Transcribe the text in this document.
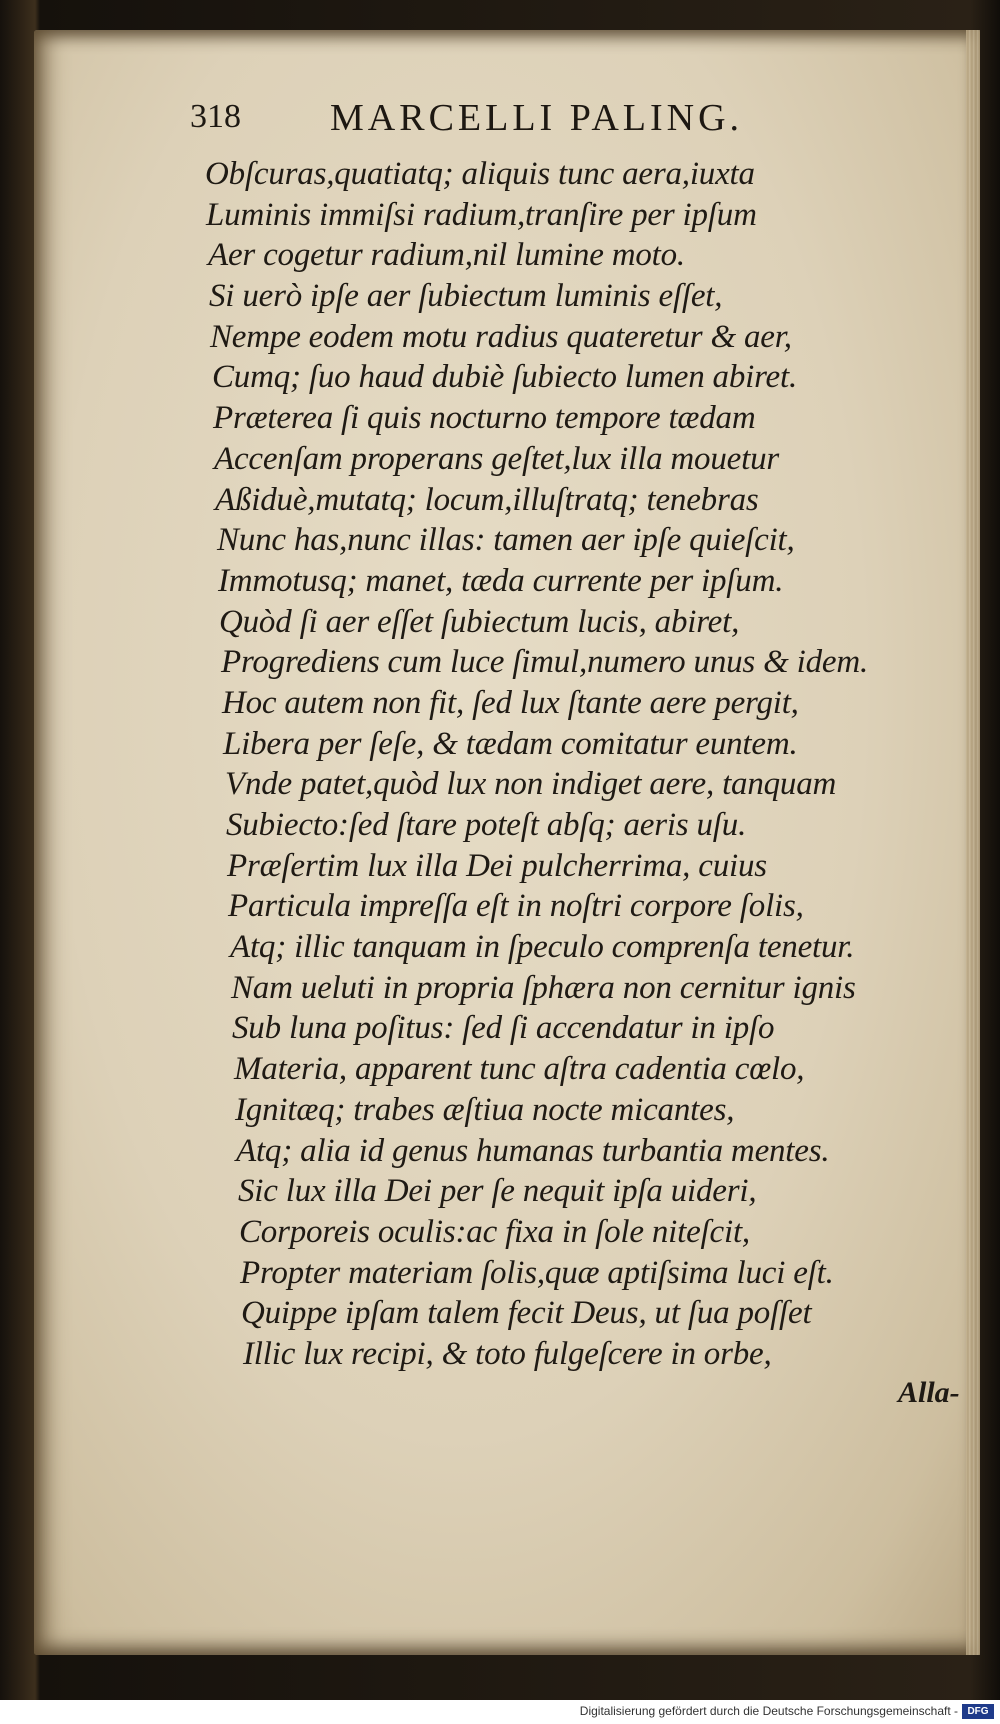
318 MARCELLI PALING.
Obſcuras,quatiatq; aliquis tunc aera,iuxta
Luminis immiſsi radium,tranſire per ipſum
Aer cogetur radium,nil lumine moto.
Si uerò ipſe aer ſubiectum luminis eſſet,
Nempe eodem motu radius quateretur & aer,
Cumq; ſuo haud dubiè ſubiecto lumen abiret.
Præterea ſi quis nocturno tempore tædam
Accenſam properans geſtet,lux illa mouetur
Aßiduè,mutatq; locum,illuſtratq; tenebras
Nunc has,nunc illas: tamen aer ipſe quieſcit,
Immotusq; manet, tæda currente per ipſum.
Quòd ſi aer eſſet ſubiectum lucis, abiret,
Progrediens cum luce ſimul,numero unus & idem.
Hoc autem non fit, ſed lux ſtante aere pergit,
Libera per ſeſe, & tædam comitatur euntem.
Vnde patet,quòd lux non indiget aere, tanquam
Subiecto:ſed ſtare poteſt abſq; aeris uſu.
Præſertim lux illa Dei pulcherrima, cuius
Particula impreſſa eſt in noſtri corpore ſolis,
Atq; illic tanquam in ſpeculo comprenſa tenetur.
Nam ueluti in propria ſphæra non cernitur ignis
Sub luna poſitus: ſed ſi accendatur in ipſo
Materia, apparent tunc aſtra cadentia cœlo,
Ignitæq; trabes æſtiua nocte micantes,
Atq; alia id genus humanas turbantia mentes.
Sic lux illa Dei per ſe nequit ipſa uideri,
Corporeis oculis:ac fixa in ſole niteſcit,
Propter materiam ſolis,quæ aptiſsima luci eſt.
Quippe ipſam talem fecit Deus, ut ſua poſſet
Illic lux recipi, & toto fulgeſcere in orbe,
Alla-
Digitalisierung gefördert durch die Deutsche Forschungsgemeinschaft - DFG
